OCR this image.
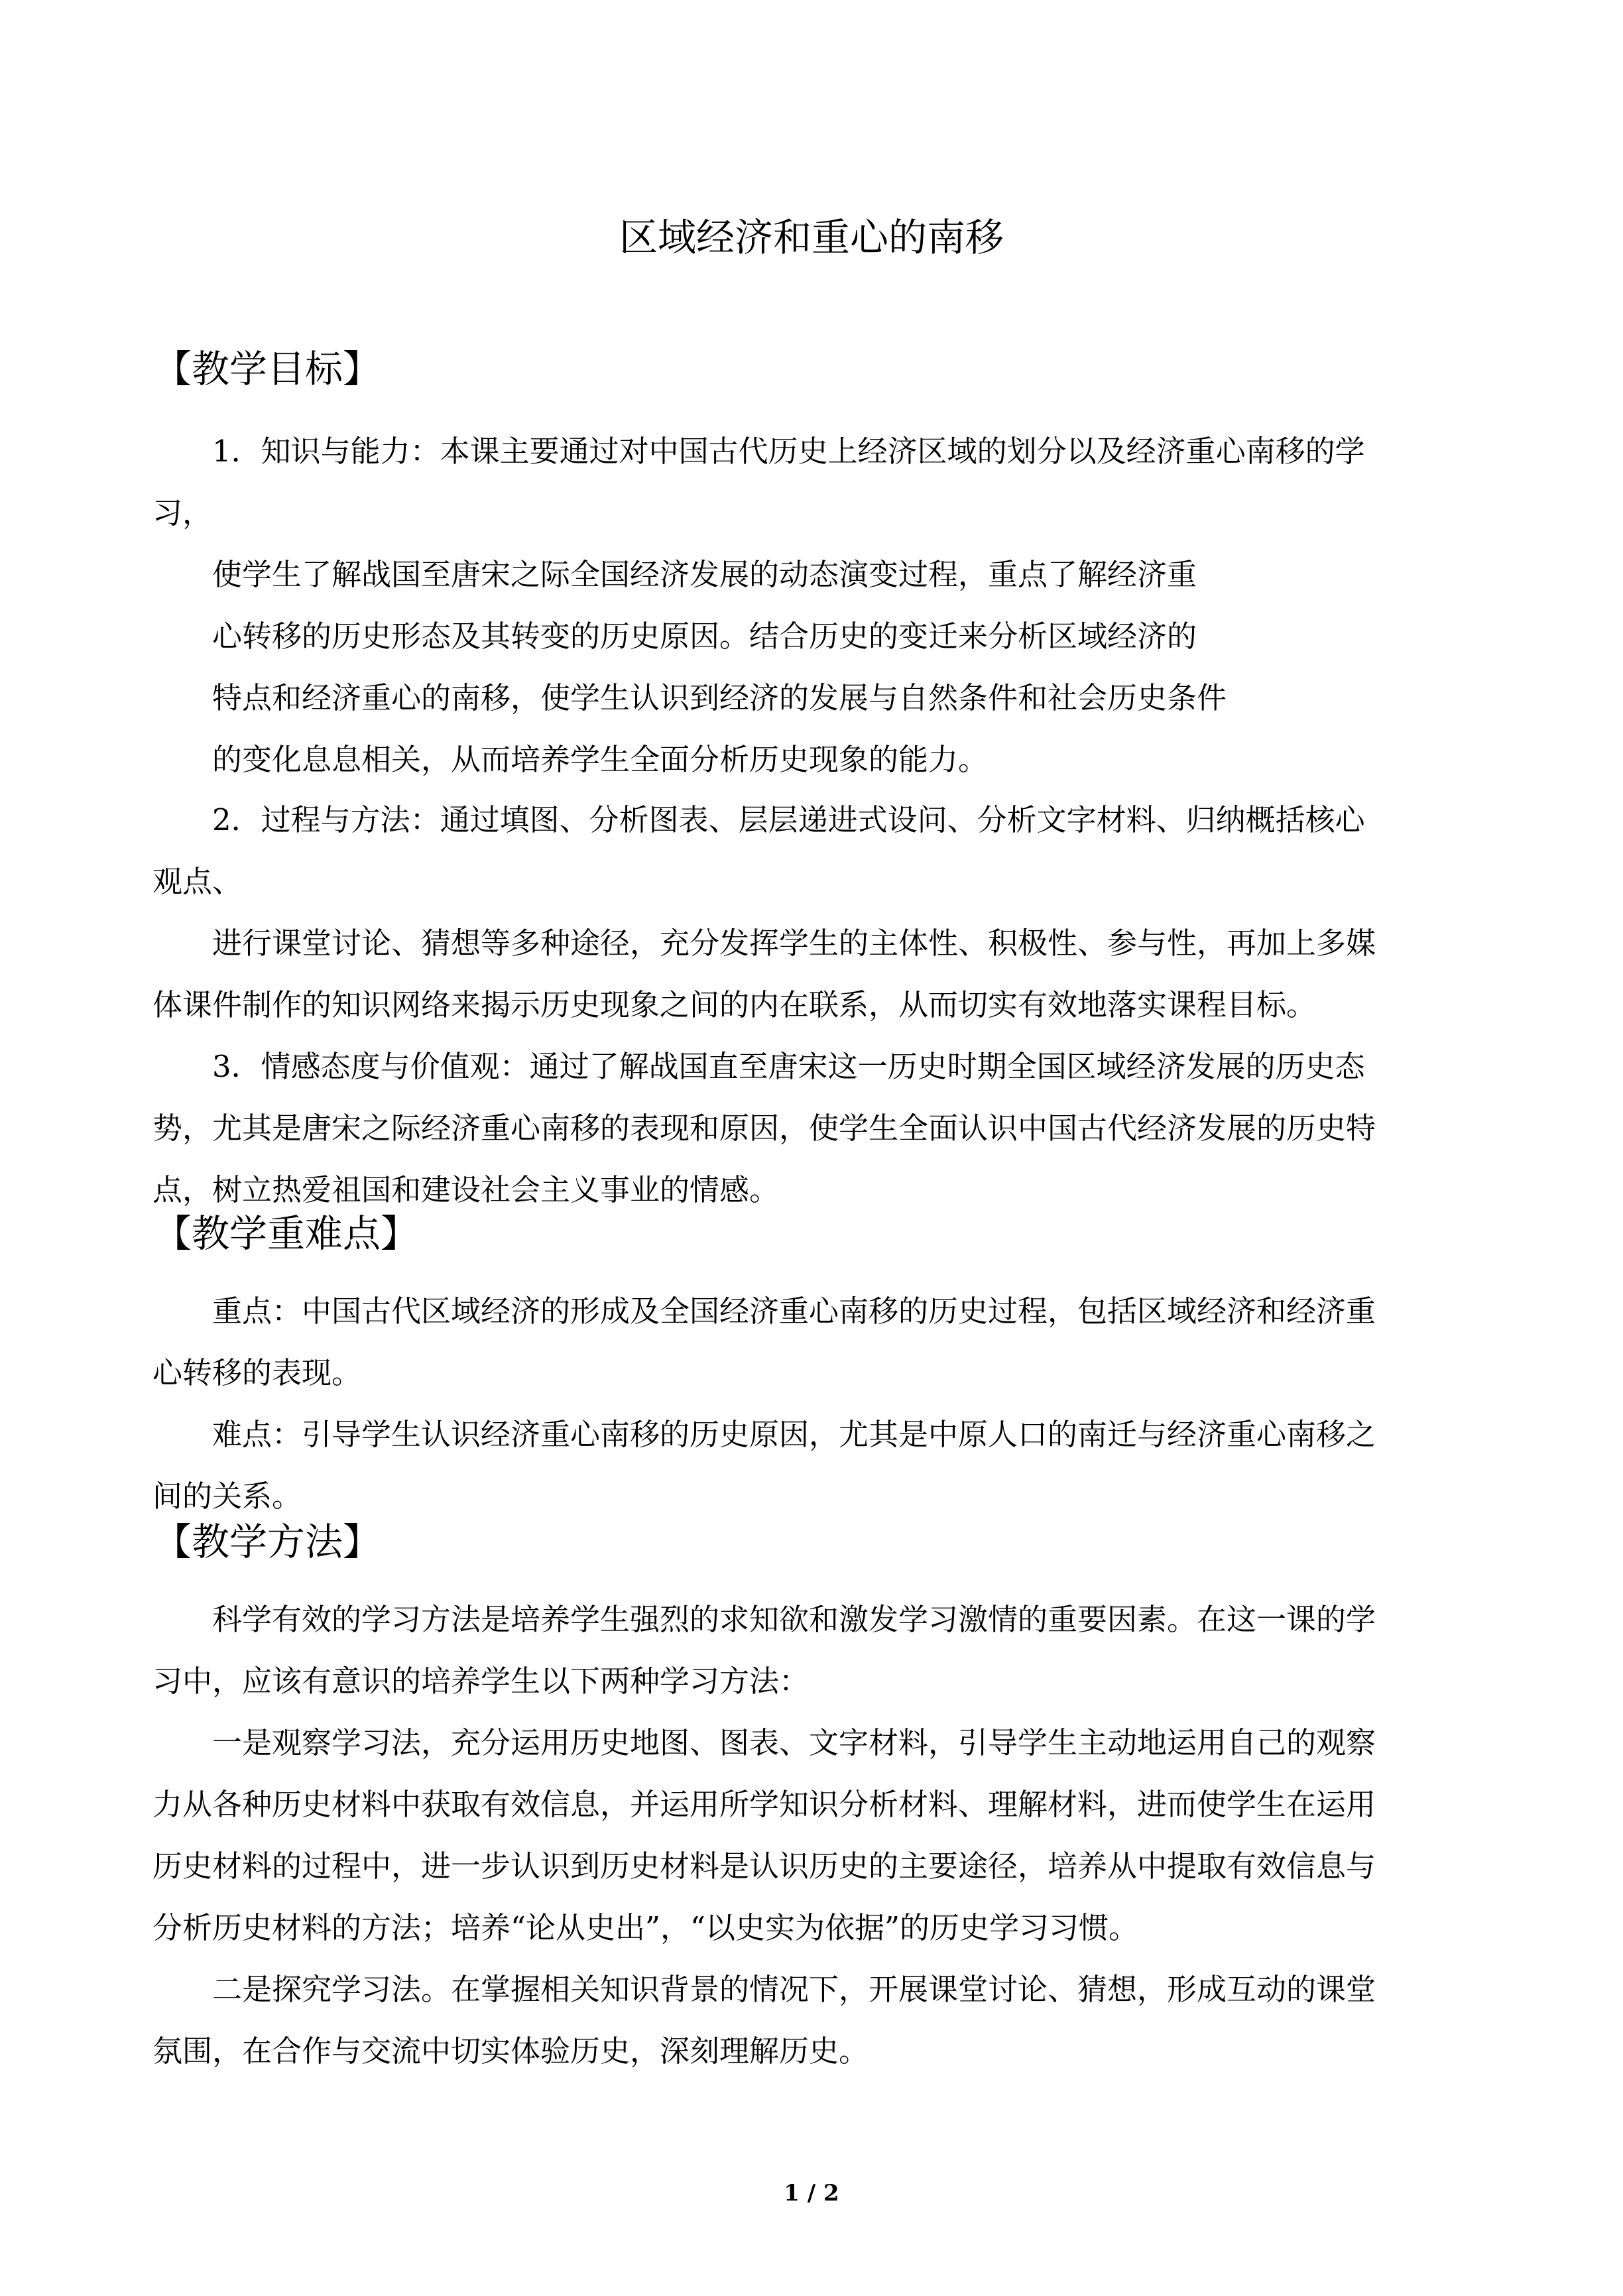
区域经济和重心的南移
【教学目标】
1．知识与能力：本课主要通过对中国古代历史上经济区域的划分以及经济重心南移的学
习，
使学生了解战国至唐宋之际全国经济发展的动态演变过程，重点了解经济重
心转移的历史形态及其转变的历史原因。结合历史的变迁来分析区域经济的
特点和经济重心的南移，使学生认识到经济的发展与自然条件和社会历史条件
的变化息息相关，从而培养学生全面分析历史现象的能力。
2．过程与方法：通过填图、分析图表、层层递进式设问、分析文字材料、归纳概括核心
观点、
进行课堂讨论、猜想等多种途径，充分发挥学生的主体性、积极性、参与性，再加上多媒
体课件制作的知识网络来揭示历史现象之间的内在联系，从而切实有效地落实课程目标。
3．情感态度与价值观：通过了解战国直至唐宋这一历史时期全国区域经济发展的历史态
势，尤其是唐宋之际经济重心南移的表现和原因，使学生全面认识中国古代经济发展的历史特
点，树立热爱祖国和建设社会主义事业的情感。
【教学重难点】
重点：中国古代区域经济的形成及全国经济重心南移的历史过程，包括区域经济和经济重
心转移的表现。
难点：引导学生认识经济重心南移的历史原因，尤其是中原人口的南迁与经济重心南移之
间的关系。
【教学方法】
科学有效的学习方法是培养学生强烈的求知欲和激发学习激情的重要因素。在这一课的学
习中，应该有意识的培养学生以下两种学习方法：
一是观察学习法，充分运用历史地图、图表、文字材料，引导学生主动地运用自己的观察
力从各种历史材料中获取有效信息，并运用所学知识分析材料、理解材料，进而使学生在运用
历史材料的过程中，进一步认识到历史材料是认识历史的主要途径，培养从中提取有效信息与
分析历史材料的方法；培养“论从史出”，“以史实为依据”的历史学习习惯。
二是探究学习法。在掌握相关知识背景的情况下，开展课堂讨论、猜想，形成互动的课堂
氛围，在合作与交流中切实体验历史，深刻理解历史。
1 / 2
